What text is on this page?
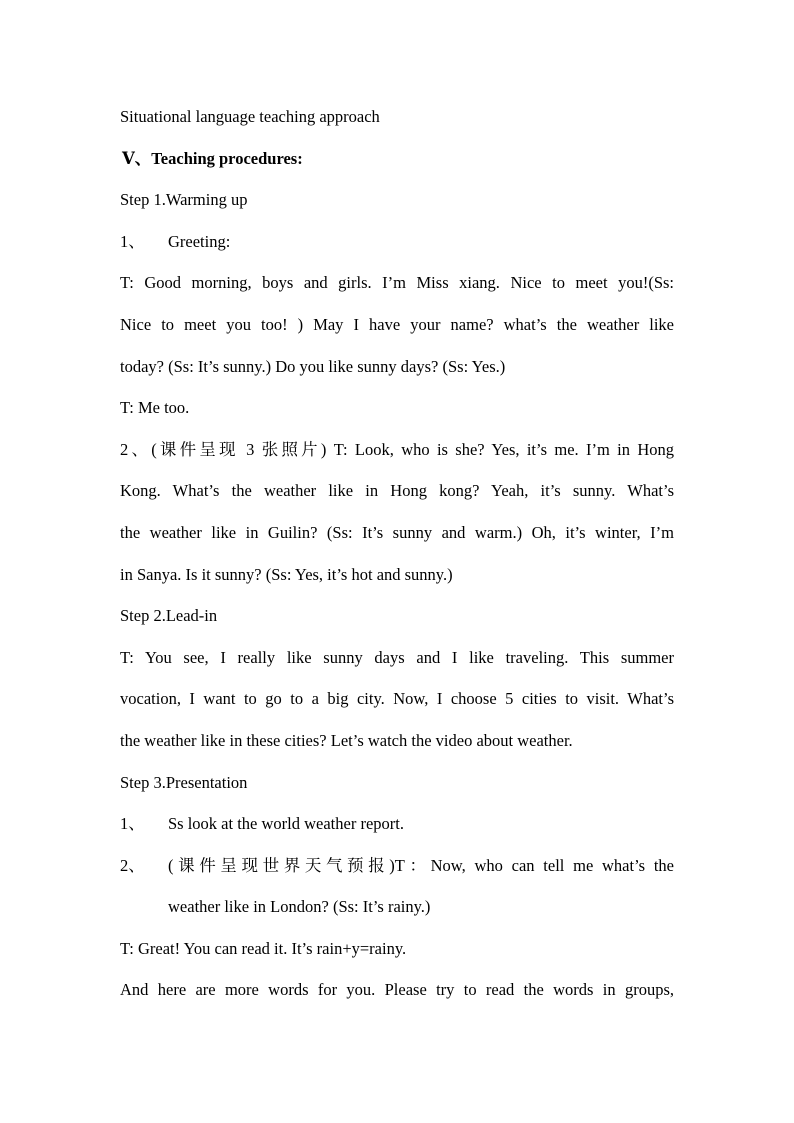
Situational language teaching approach
Ⅴ、Teaching procedures:
Step 1.Warming up
1、	Greeting:
T: Good morning, boys and girls. I’m Miss xiang. Nice to meet you!(Ss:
Nice to meet you too! ) May I have your name? what’s the weather like
today? (Ss: It’s sunny.) Do you like sunny days? (Ss: Yes.)
T: Me too.
2、(课件呈现 3 张照片) T: Look, who is she? Yes, it’s me. I’m in Hong
Kong. What’s the weather like in Hong kong? Yeah, it’s sunny. What’s
the weather like in Guilin? (Ss: It’s sunny and warm.) Oh, it’s winter, I’m
in Sanya. Is it sunny? (Ss: Yes, it’s hot and sunny.)
Step 2.Lead-in
T: You see, I really like sunny days and I like traveling. This summer
vocation, I want to go to a big city. Now, I choose 5 cities to visit. What’s
the weather like in these cities? Let’s watch the video about weather.
Step 3.Presentation
1、	Ss look at the world weather report.
2、	(课件呈现世界天气预报)T：Now, who can tell me what’s the
weather like in London? (Ss: It’s rainy.)
T: Great! You can read it. It’s rain+y=rainy.
And here are more words for you. Please try to read the words in groups,
